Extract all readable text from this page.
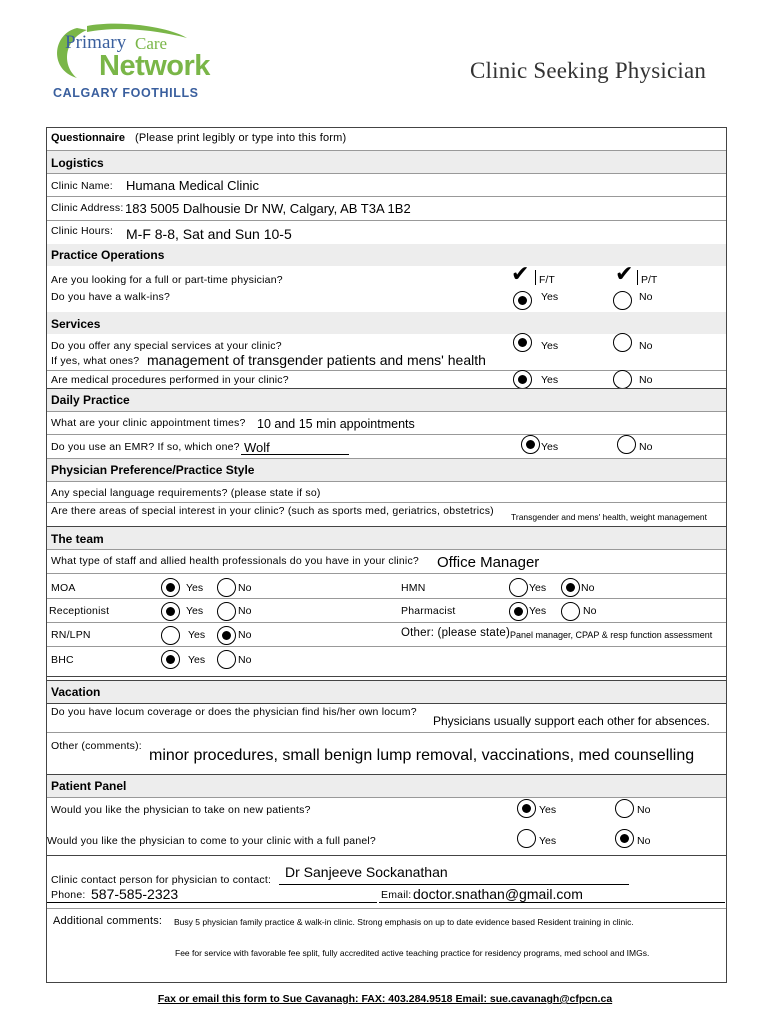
Primary Care
Network
CALGARY FOOTHILLS
Clinic Seeking Physician
Questionnaire (Please print legibly or type into this form)
Logistics
Clinic Name: Humana Medical Clinic
Clinic Address: 183 5005 Dalhousie Dr NW, Calgary, AB T3A 1B2
Clinic Hours: M-F 8-8, Sat and Sun 10-5
Practice Operations
Are you looking for a full or part-time physician?	✔ F/T	✔ P/T
Do you have a walk-ins?	Yes	No
Services
Do you offer any special services at your clinic?	Yes	No
If yes, what ones? management of transgender patients and mens' health
Are medical procedures performed in your clinic?	Yes	No
Daily Practice
What are your clinic appointment times? 10 and 15 min appointments
Do you use an EMR? If so, which one? Wolf	Yes	No
Physician Preference/Practice Style
Any special language requirements? (please state if so)
Are there areas of special interest in your clinic? (such as sports med, geriatrics, obstetrics) Transgender and mens' health, weight management
The team
What type of staff and allied health professionals do you have in your clinic? Office Manager
MOA	Yes	No	HMN	Yes	No
Receptionist	Yes	No	Pharmacist	Yes	No
RN/LPN	Yes	No	Other: (please state) Panel manager, CPAP & resp function assessment
BHC	Yes	No
Vacation
Do you have locum coverage or does the physician find his/her own locum?
Physicians usually support each other for absences.
Other (comments):
minor procedures, small benign lump removal, vaccinations, med counselling
Patient Panel
Would you like the physician to take on new patients?	Yes	No
Would you like the physician to come to your clinic with a full panel?	Yes	No
Clinic contact person for physician to contact: Dr Sanjeeve Sockanathan
Phone: 587-585-2323	Email: doctor.snathan@gmail.com
Additional comments: Busy 5 physician family practice & walk-in clinic. Strong emphasis on up to date evidence based Resident training in clinic.
Fee for service with favorable fee split, fully accredited active teaching practice for residency programs, med school and IMGs.
Fax or email this form to Sue Cavanagh: FAX: 403.284.9518 Email: sue.cavanagh@cfpcn.ca
